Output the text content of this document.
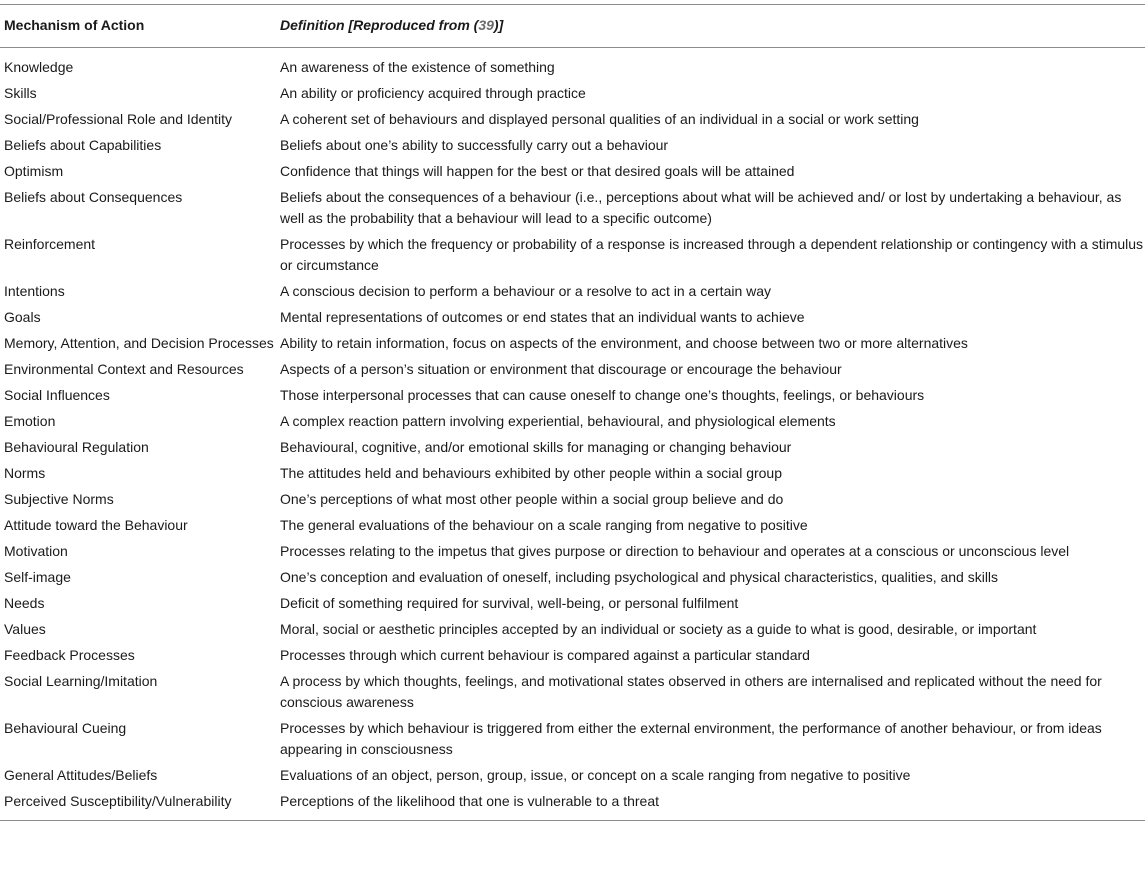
Mechanism of Action	Definition [Reproduced from (39)]
Knowledge	An awareness of the existence of something
Skills	An ability or proficiency acquired through practice
Social/Professional Role and Identity	A coherent set of behaviours and displayed personal qualities of an individual in a social or work setting
Beliefs about Capabilities	Beliefs about one’s ability to successfully carry out a behaviour
Optimism	Confidence that things will happen for the best or that desired goals will be attained
Beliefs about Consequences	Beliefs about the consequences of a behaviour (i.e., perceptions about what will be achieved and/ or lost by undertaking a behaviour, as well as the probability that a behaviour will lead to a specific outcome)
Reinforcement	Processes by which the frequency or probability of a response is increased through a dependent relationship or contingency with a stimulus or circumstance
Intentions	A conscious decision to perform a behaviour or a resolve to act in a certain way
Goals	Mental representations of outcomes or end states that an individual wants to achieve
Memory, Attention, and Decision Processes	Ability to retain information, focus on aspects of the environment, and choose between two or more alternatives
Environmental Context and Resources	Aspects of a person’s situation or environment that discourage or encourage the behaviour
Social Influences	Those interpersonal processes that can cause oneself to change one’s thoughts, feelings, or behaviours
Emotion	A complex reaction pattern involving experiential, behavioural, and physiological elements
Behavioural Regulation	Behavioural, cognitive, and/or emotional skills for managing or changing behaviour
Norms	The attitudes held and behaviours exhibited by other people within a social group
Subjective Norms	One’s perceptions of what most other people within a social group believe and do
Attitude toward the Behaviour	The general evaluations of the behaviour on a scale ranging from negative to positive
Motivation	Processes relating to the impetus that gives purpose or direction to behaviour and operates at a conscious or unconscious level
Self-image	One’s conception and evaluation of oneself, including psychological and physical characteristics, qualities, and skills
Needs	Deficit of something required for survival, well-being, or personal fulfilment
Values	Moral, social or aesthetic principles accepted by an individual or society as a guide to what is good, desirable, or important
Feedback Processes	Processes through which current behaviour is compared against a particular standard
Social Learning/Imitation	A process by which thoughts, feelings, and motivational states observed in others are internalised and replicated without the need for conscious awareness
Behavioural Cueing	Processes by which behaviour is triggered from either the external environment, the performance of another behaviour, or from ideas appearing in consciousness
General Attitudes/Beliefs	Evaluations of an object, person, group, issue, or concept on a scale ranging from negative to positive
Perceived Susceptibility/Vulnerability	Perceptions of the likelihood that one is vulnerable to a threat
